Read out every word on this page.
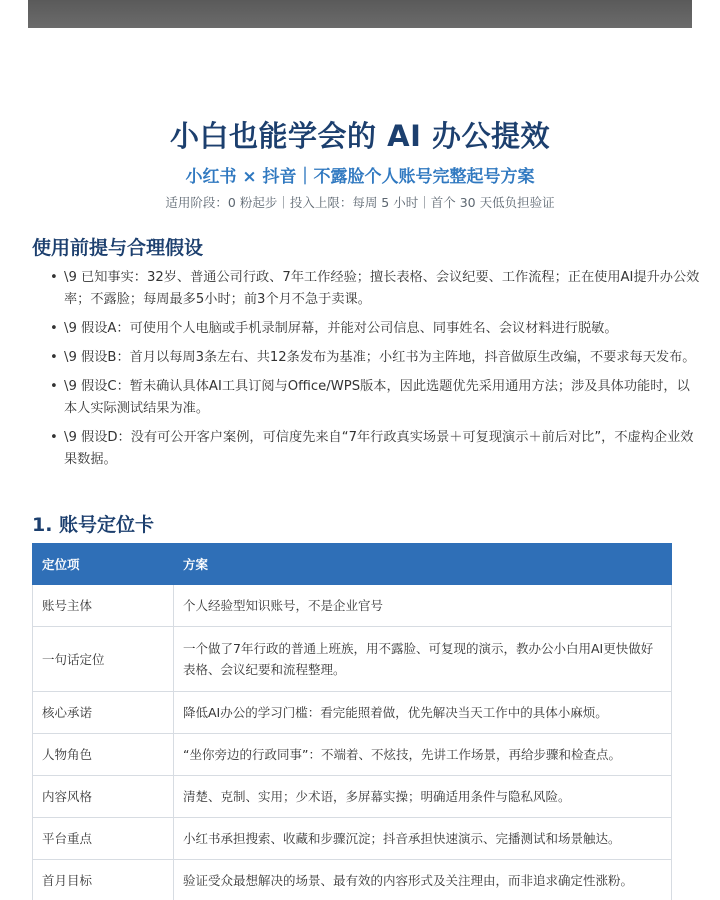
小白也能学会的 AI 办公提效
小红书 × 抖音｜不露脸个人账号完整起号方案
适用阶段：0 粉起步｜投入上限：每周 5 小时｜首个 30 天低负担验证
使用前提与合理假设
• \9 已知事实：32岁、普通公司行政、7年工作经验；擅长表格、会议纪要、工作流程；正在使用AI提升办公效率；不露脸；每周最多5小时；前3个月不急于卖课。
• \9 假设A：可使用个人电脑或手机录制屏幕，并能对公司信息、同事姓名、会议材料进行脱敏。
• \9 假设B：首月以每周3条左右、共12条发布为基准；小红书为主阵地，抖音做原生改编，不要求每天发布。
• \9 假设C：暂未确认具体AI工具订阅与Office/WPS版本，因此选题优先采用通用方法；涉及具体功能时，以本人实际测试结果为准。
• \9 假设D：没有可公开客户案例，可信度先来自“7年行政真实场景＋可复现演示＋前后对比”，不虚构企业效果数据。
1. 账号定位卡
定位项	方案
账号主体	个人经验型知识账号，不是企业官号
一句话定位	一个做了7年行政的普通上班族，用不露脸、可复现的演示，教办公小白用AI更快做好表格、会议纪要和流程整理。
核心承诺	降低AI办公的学习门槛：看完能照着做，优先解决当天工作中的具体小麻烦。
人物角色	“坐你旁边的行政同事”：不端着、不炫技，先讲工作场景，再给步骤和检查点。
内容风格	清楚、克制、实用；少术语，多屏幕实操；明确适用条件与隐私风险。
平台重点	小红书承担搜索、收藏和步骤沉淀；抖音承担快速演示、完播测试和场景触达。
首月目标	验证受众最想解决的场景、最有效的内容形式及关注理由，而非追求确定性涨粉。
